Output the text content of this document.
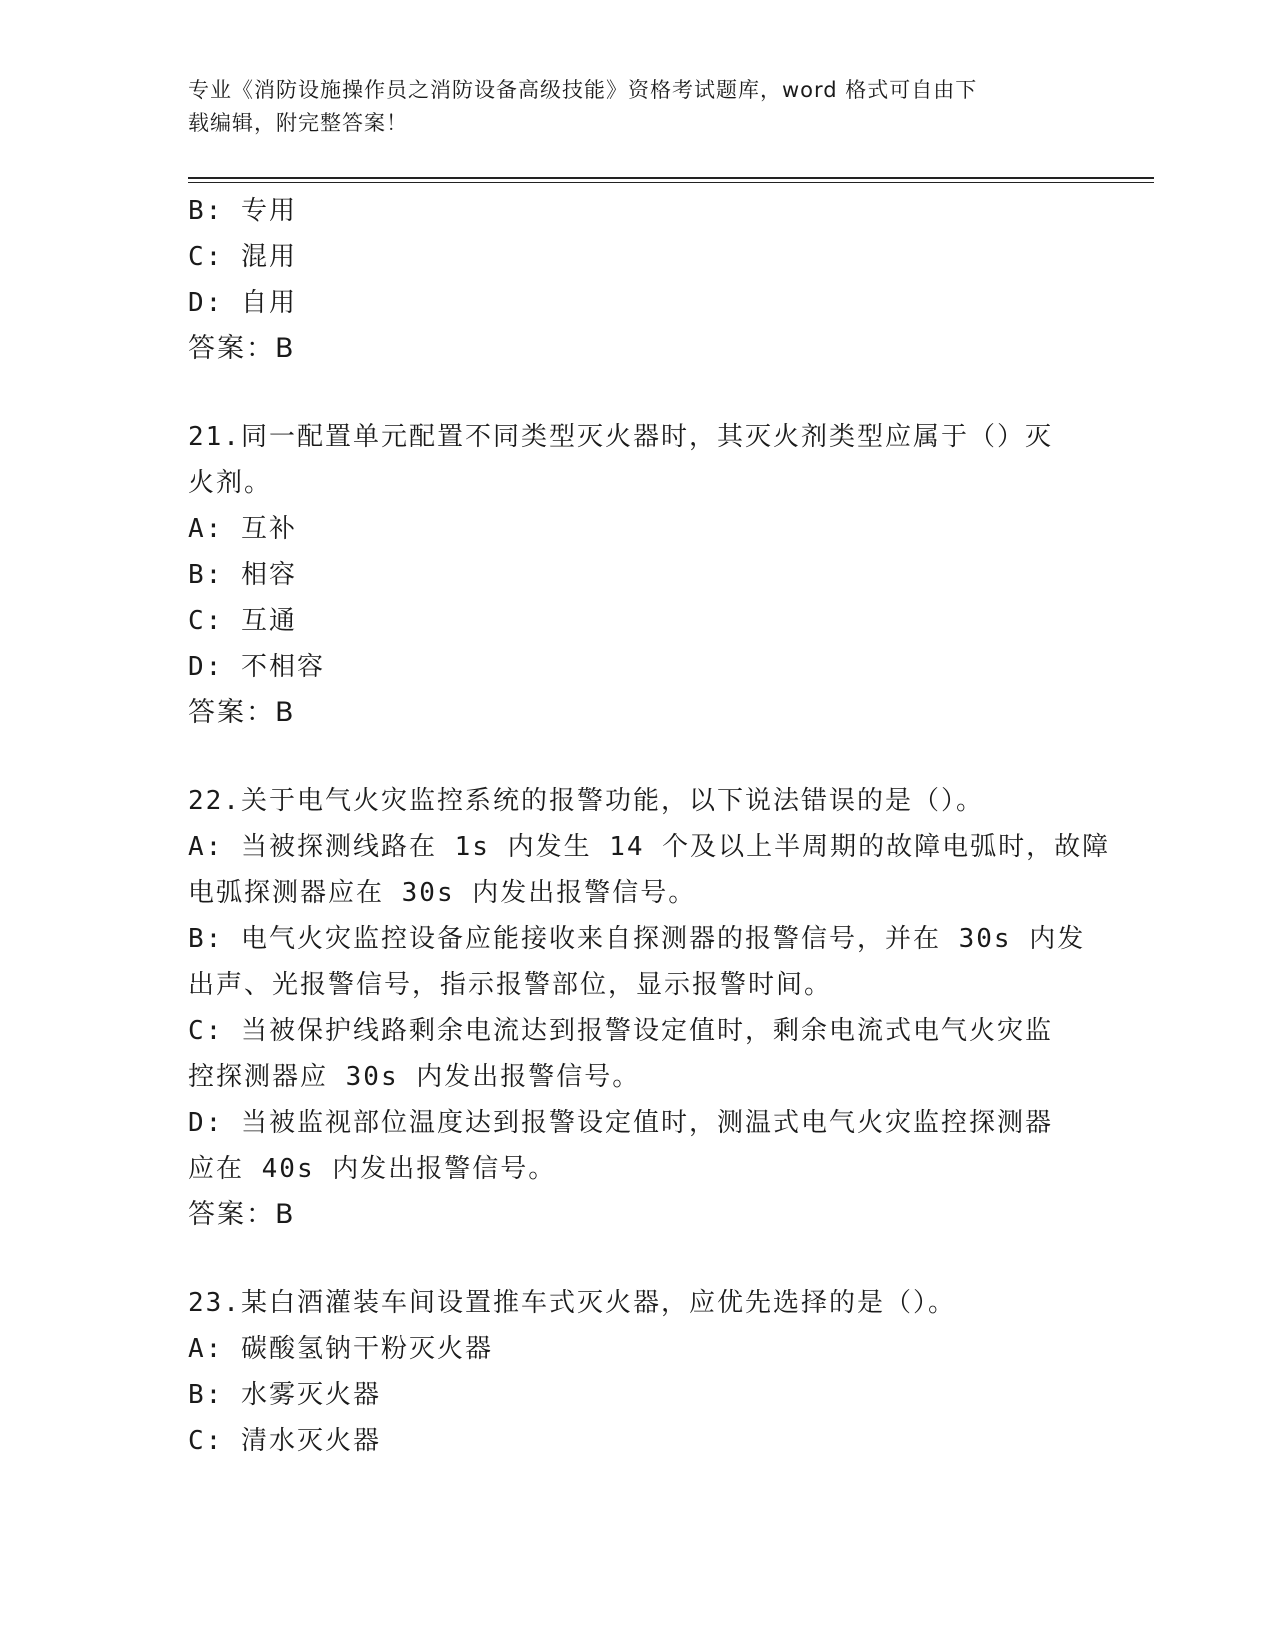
专业《消防设施操作员之消防设备高级技能》资格考试题库，word 格式可自由下
载编辑，附完整答案！
B: 专用
C: 混用
D: 自用
答案：B
21.同一配置单元配置不同类型灭火器时，其灭火剂类型应属于（）灭
火剂。
A: 互补
B: 相容
C: 互通
D: 不相容
答案：B
22.关于电气火灾监控系统的报警功能，以下说法错误的是（）。
A: 当被探测线路在 1s 内发生 14 个及以上半周期的故障电弧时，故障
电弧探测器应在 30s 内发出报警信号。
B: 电气火灾监控设备应能接收来自探测器的报警信号，并在 30s 内发
出声、光报警信号，指示报警部位，显示报警时间。
C: 当被保护线路剩余电流达到报警设定值时，剩余电流式电气火灾监
控探测器应 30s 内发出报警信号。
D: 当被监视部位温度达到报警设定值时，测温式电气火灾监控探测器
应在 40s 内发出报警信号。
答案：B
23.某白酒灌装车间设置推车式灭火器，应优先选择的是（）。
A: 碳酸氢钠干粉灭火器
B: 水雾灭火器
C: 清水灭火器
